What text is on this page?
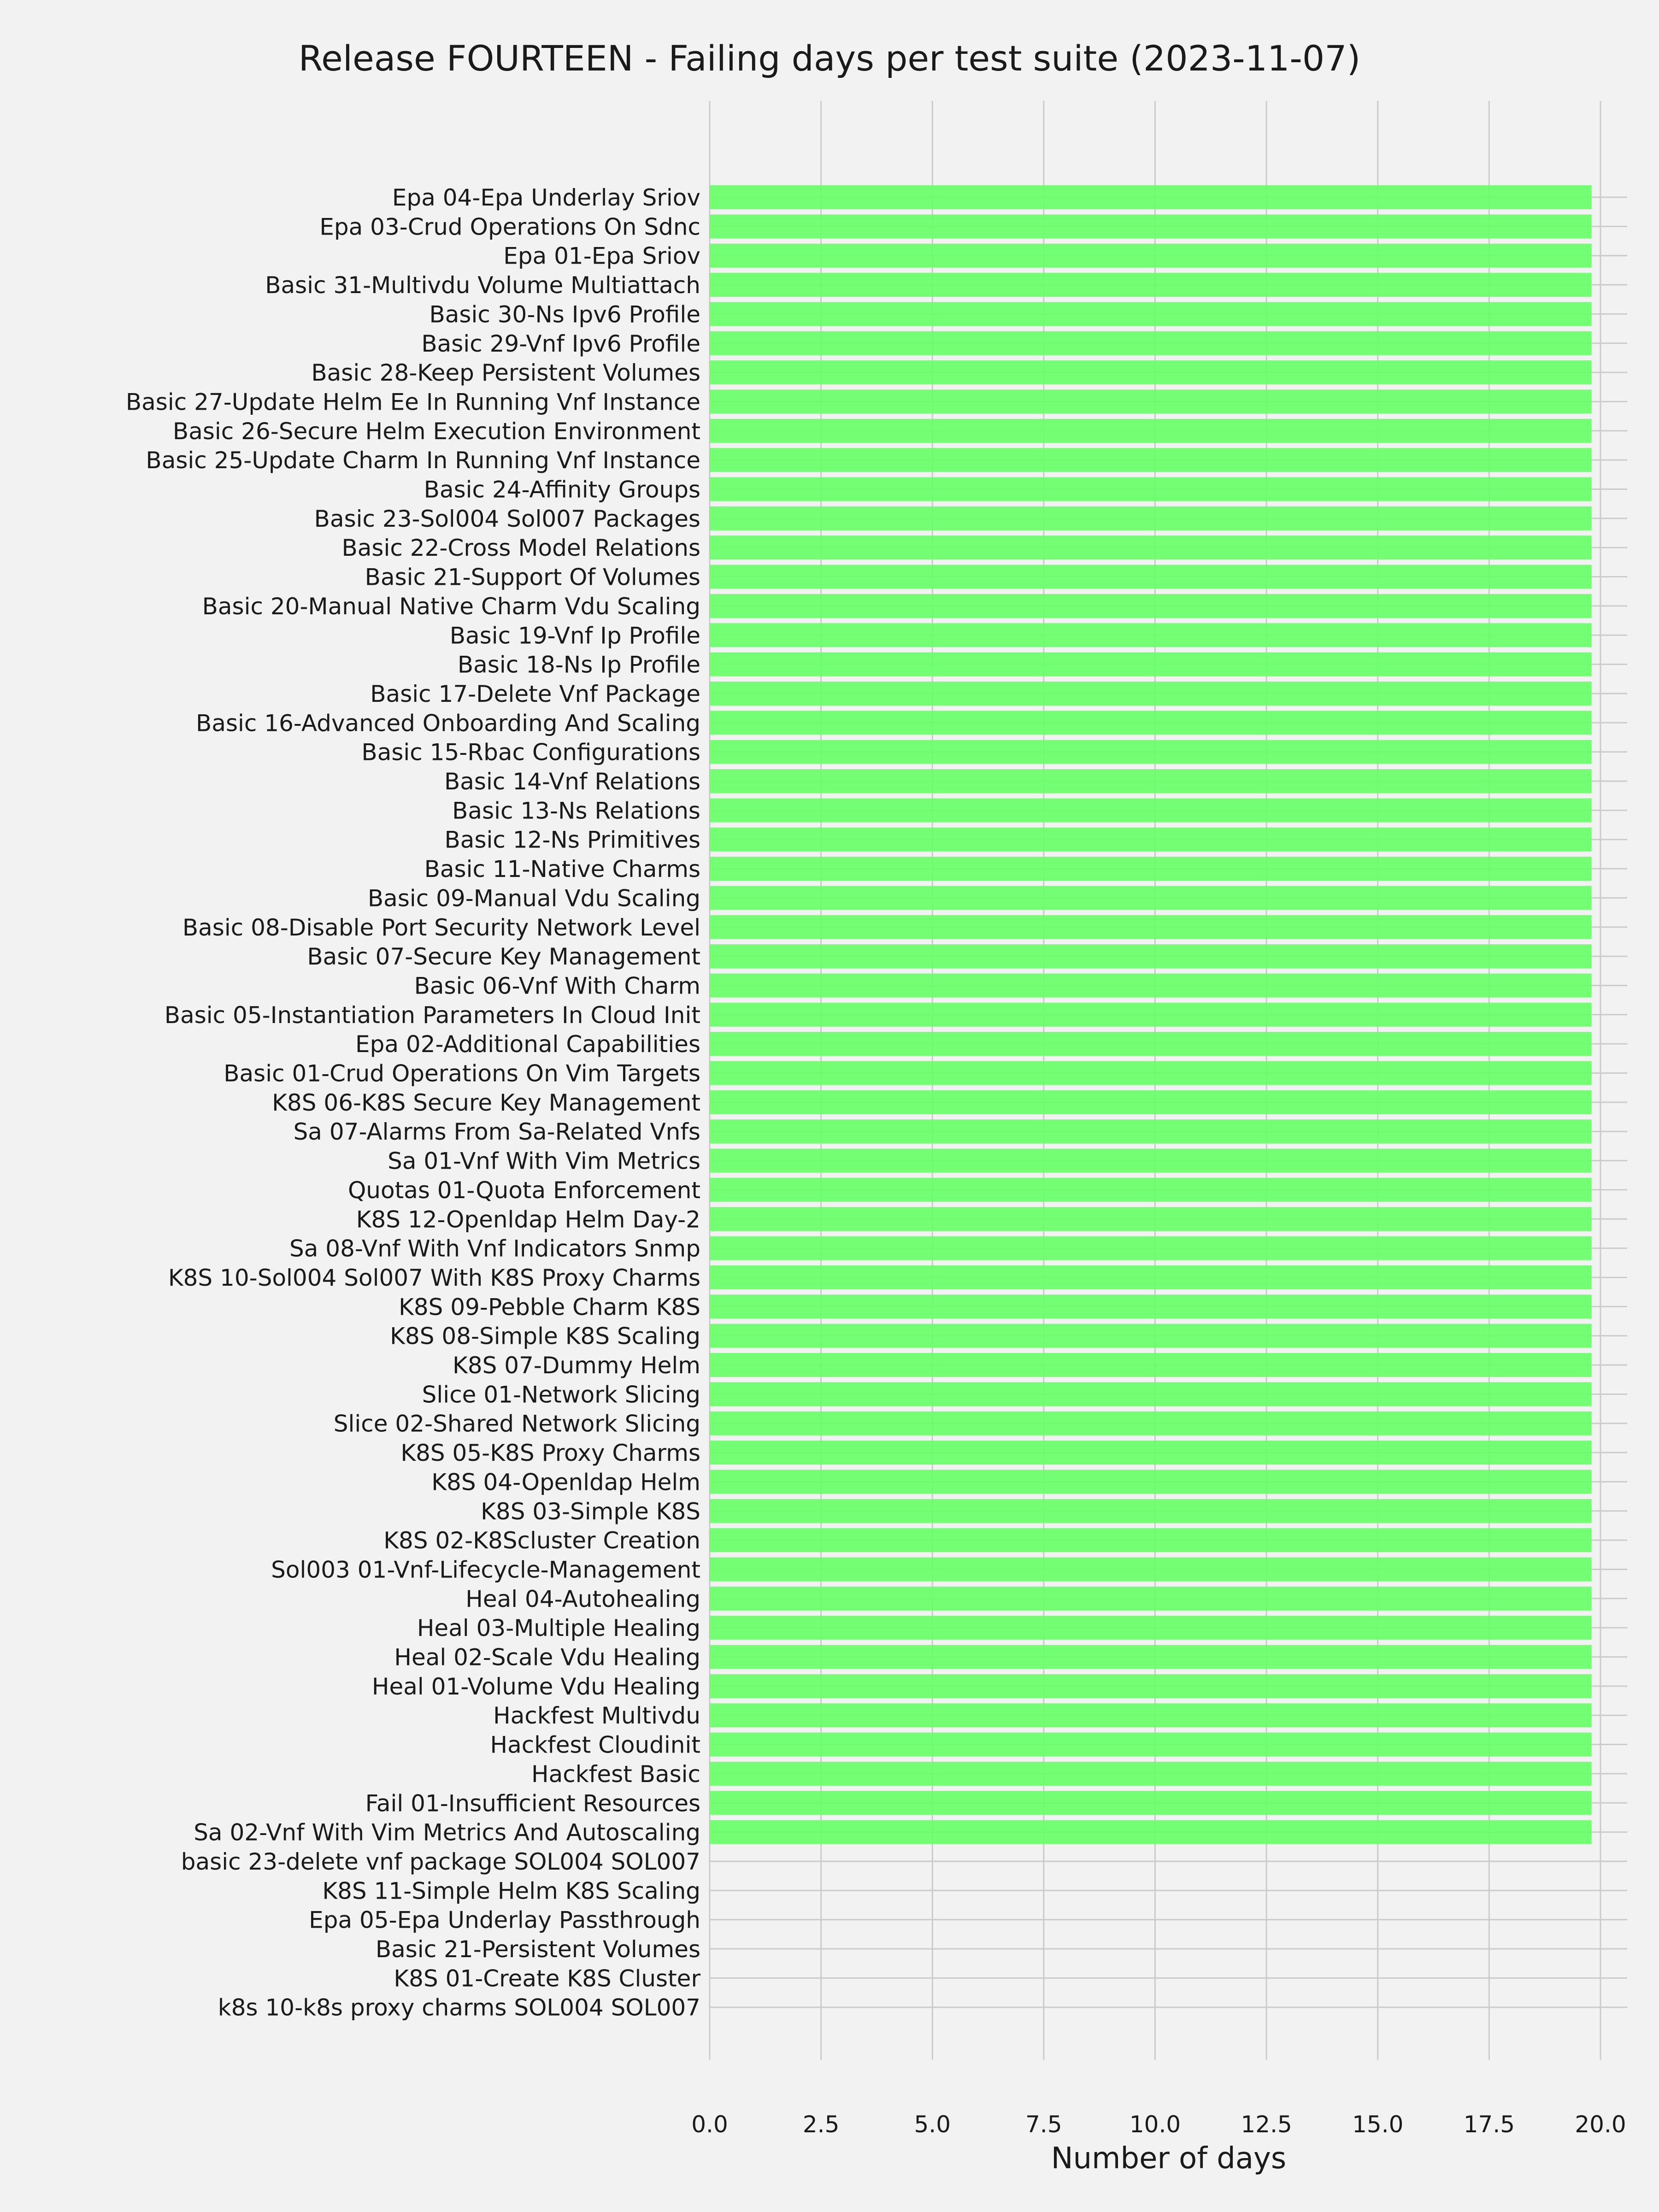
Epa 04-Epa Underlay Sriov
Epa 03-Crud Operations On Sdnc
Epa 01-Epa Sriov
Basic 31-Multivdu Volume Multiattach
Basic 30-Ns Ipv6 Profile
Basic 29-Vnf Ipv6 Profile
Basic 28-Keep Persistent Volumes
Basic 27-Update Helm Ee In Running Vnf Instance
Basic 26-Secure Helm Execution Environment
Basic 25-Update Charm In Running Vnf Instance
Basic 24-Affinity Groups
Basic 23-Sol004 Sol007 Packages
Basic 22-Cross Model Relations
Basic 21-Support Of Volumes
Basic 20-Manual Native Charm Vdu Scaling
Basic 19-Vnf Ip Profile
Basic 18-Ns Ip Profile
Basic 17-Delete Vnf Package
Basic 16-Advanced Onboarding And Scaling
Basic 15-Rbac Configurations
Basic 14-Vnf Relations
Basic 13-Ns Relations
Basic 12-Ns Primitives
Basic 11-Native Charms
Basic 09-Manual Vdu Scaling
Basic 08-Disable Port Security Network Level
Basic 07-Secure Key Management
Basic 06-Vnf With Charm
Basic 05-Instantiation Parameters In Cloud Init
Epa 02-Additional Capabilities
Basic 01-Crud Operations On Vim Targets
K8S 06-K8S Secure Key Management
Sa 07-Alarms From Sa-Related Vnfs
Sa 01-Vnf With Vim Metrics
Quotas 01-Quota Enforcement
K8S 12-Openldap Helm Day-2
Sa 08-Vnf With Vnf Indicators Snmp
K8S 10-Sol004 Sol007 With K8S Proxy Charms
K8S 09-Pebble Charm K8S
K8S 08-Simple K8S Scaling
K8S 07-Dummy Helm
Slice 01-Network Slicing
Slice 02-Shared Network Slicing
K8S 05-K8S Proxy Charms
K8S 04-Openldap Helm
K8S 03-Simple K8S
K8S 02-K8Scluster Creation
Sol003 01-Vnf-Lifecycle-Management
Heal 04-Autohealing
Heal 03-Multiple Healing
Heal 02-Scale Vdu Healing
Heal 01-Volume Vdu Healing
Hackfest Multivdu
Hackfest Cloudinit
Hackfest Basic
Fail 01-Insufficient Resources
Sa 02-Vnf With Vim Metrics And Autoscaling
basic 23-delete vnf package SOL004 SOL007
K8S 11-Simple Helm K8S Scaling
Epa 05-Epa Underlay Passthrough
Basic 21-Persistent Volumes
K8S 01-Create K8S Cluster
k8s 10-k8s proxy charms SOL004 SOL007
0.0	2.5	5.0	7.5	10.0	12.5	15.0	17.5	20.0
Release FOURTEEN - Failing days per test suite (2023-11-07)
Number of days
